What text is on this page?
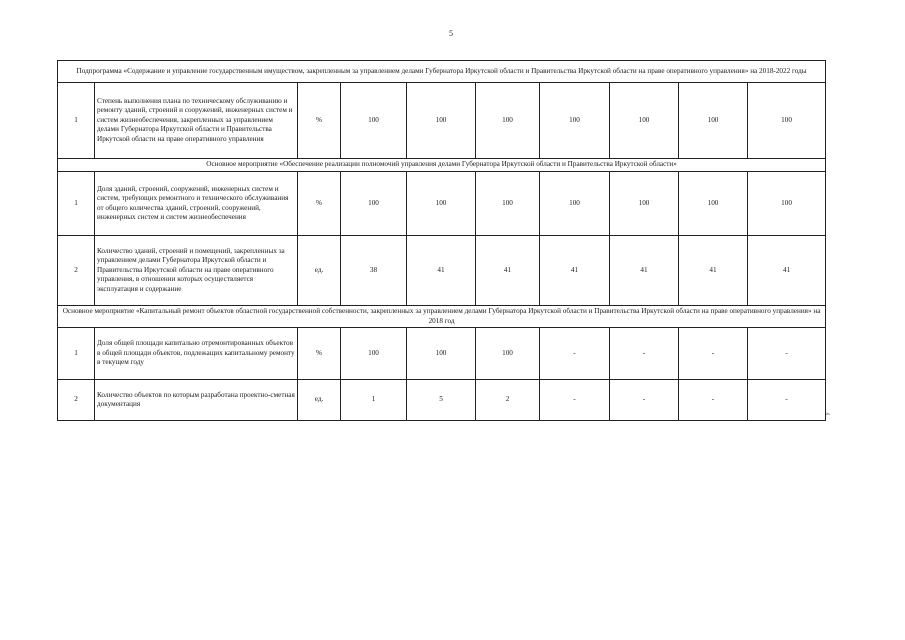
5
Подпрограмма «Содержание и управление государственным имуществом, закрепленным за управлением делами Губернатора Иркутской области и Правительства Иркутской области на праве оперативного управления» на 2018-2022 годы									
1	Степень выполнения плана по техническому обслуживанию и ремонту зданий, строений и сооружений, инженерных систем и систем жизнеобеспечения, закрепленных за управлением делами Губернатора Иркутской области и Правительства Иркутской области на праве оперативного управления	%	100	100	100	100	100	100	100
Основное мероприятие «Обеспечение реализации полномочий управления делами Губернатора Иркутской области и Правительства Иркутской области»									
1	Доля зданий, строений, сооружений, инженерных систем и систем, требующих ремонтного и технического обслуживания от общего количества зданий, строений, сооружений, инженерных систем и систем жизнеобеспечения	%	100	100	100	100	100	100	100
2	Количество зданий, строений и помещений, закрепленных за управлением делами Губернатора Иркутской области и Правительства Иркутской области на праве оперативного управления, в отношении которых осуществляется эксплуатация и содержание	ед.	38	41	41	41	41	41	41
Основное мероприятие «Капитальный ремонт объектов областной государственной собственности, закрепленных за управлением делами Губернатора Иркутской области и Правительства Иркутской области на праве оперативного управления» на 2018 год									
1	Доля общей площади капитально отремонтированных объектов в общей площади объектов, подлежащих капитальному ремонту в текущем году	%	100	100	100	-	-	-	-
2	Количество объектов по которым разработана проектно-сметная документация	ед.	1	5	2	-	-	-	-
».
